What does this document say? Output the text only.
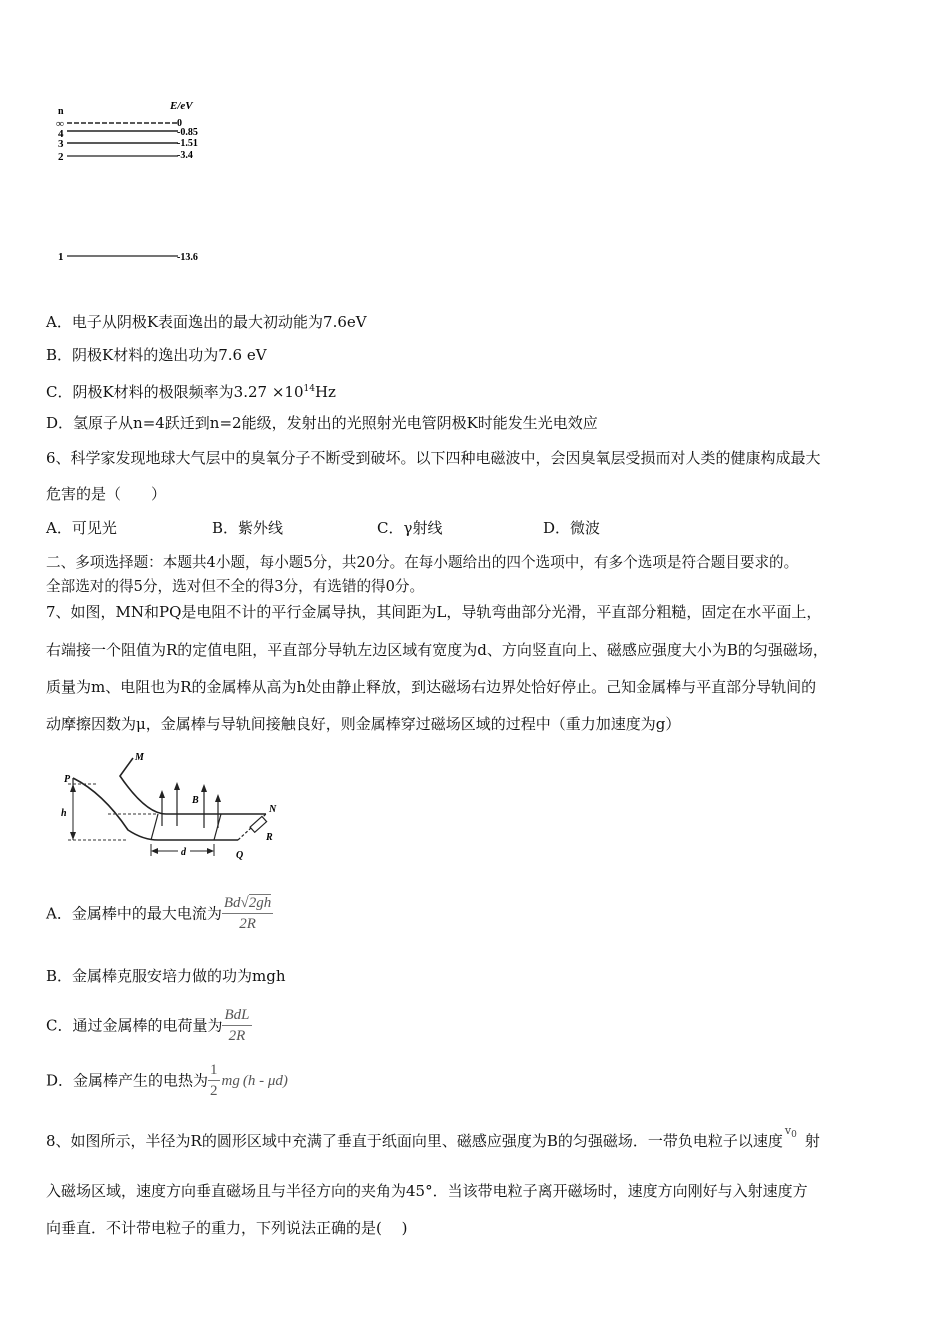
n	E/eV
∞
4
3
2
1
0
-0.85
-1.51
-3.4
-13.6
A．电子从阴极K表面逸出的最大初动能为7.6eV
B．阴极K材料的逸出功为7.6 eV
C．阴极K材料的极限频率为$3.27 \times 10^{14}Hz$
D．氢原子从n=4跃迁到n=2能级，发射出的光照射光电管阴极K时能发生光电效应
6、科学家发现地球大气层中的臭氧分子不断受到破坏。以下四种电磁波中，会因臭氧层受损而对人类的健康构成最大
危害的是（　　）
A．可见光	B．紫外线	C．γ射线	D．微波
二、多项选择题：本题共4小题，每小题5分，共20分。在每小题给出的四个选项中，有多个选项是符合题目要求的。
全部选对的得5分，选对但不全的得3分，有选错的得0分。
7、如图，MN和PQ是电阻不计的平行金属导执，其间距为L，导轨弯曲部分光滑，平直部分粗糙，固定在水平面上，
右端接一个阻值为R的定值电阻，平直部分导轨左边区域有宽度为d、方向竖直向上、磁感应强度大小为B的匀强磁场，
质量为m、电阻也为R的金属棒从高为h处由静止释放，到达磁场右边界处恰好停止。己知金属棒与平直部分导轨间的
动摩擦因数为μ，金属棒与导轨间接触良好，则金属棒穿过磁场区域的过程中（重力加速度为g）
P
M
h
B
N
R
d	Q
A．金属棒中的最大电流为 $\frac{Bd√2gh}{2R}$
B．金属棒克服安培力做的功为mgh
C．通过金属棒的电荷量为 $\frac{\text{BdL}}{2R}$
D．金属棒产生的电热为 $\frac{1}{2}$ mg (h - μd)
8、如图所示，半径为R的圆形区域中充满了垂直于纸面向里、磁感应强度为B的匀强磁场．一带负电粒子以速度$^{v_0}$ 射
入磁场区域，速度方向垂直磁场且与半径方向的夹角为45°．当该带电粒子离开磁场时，速度方向刚好与入射速度方
向垂直．不计带电粒子的重力，下列说法正确的是(　 )
